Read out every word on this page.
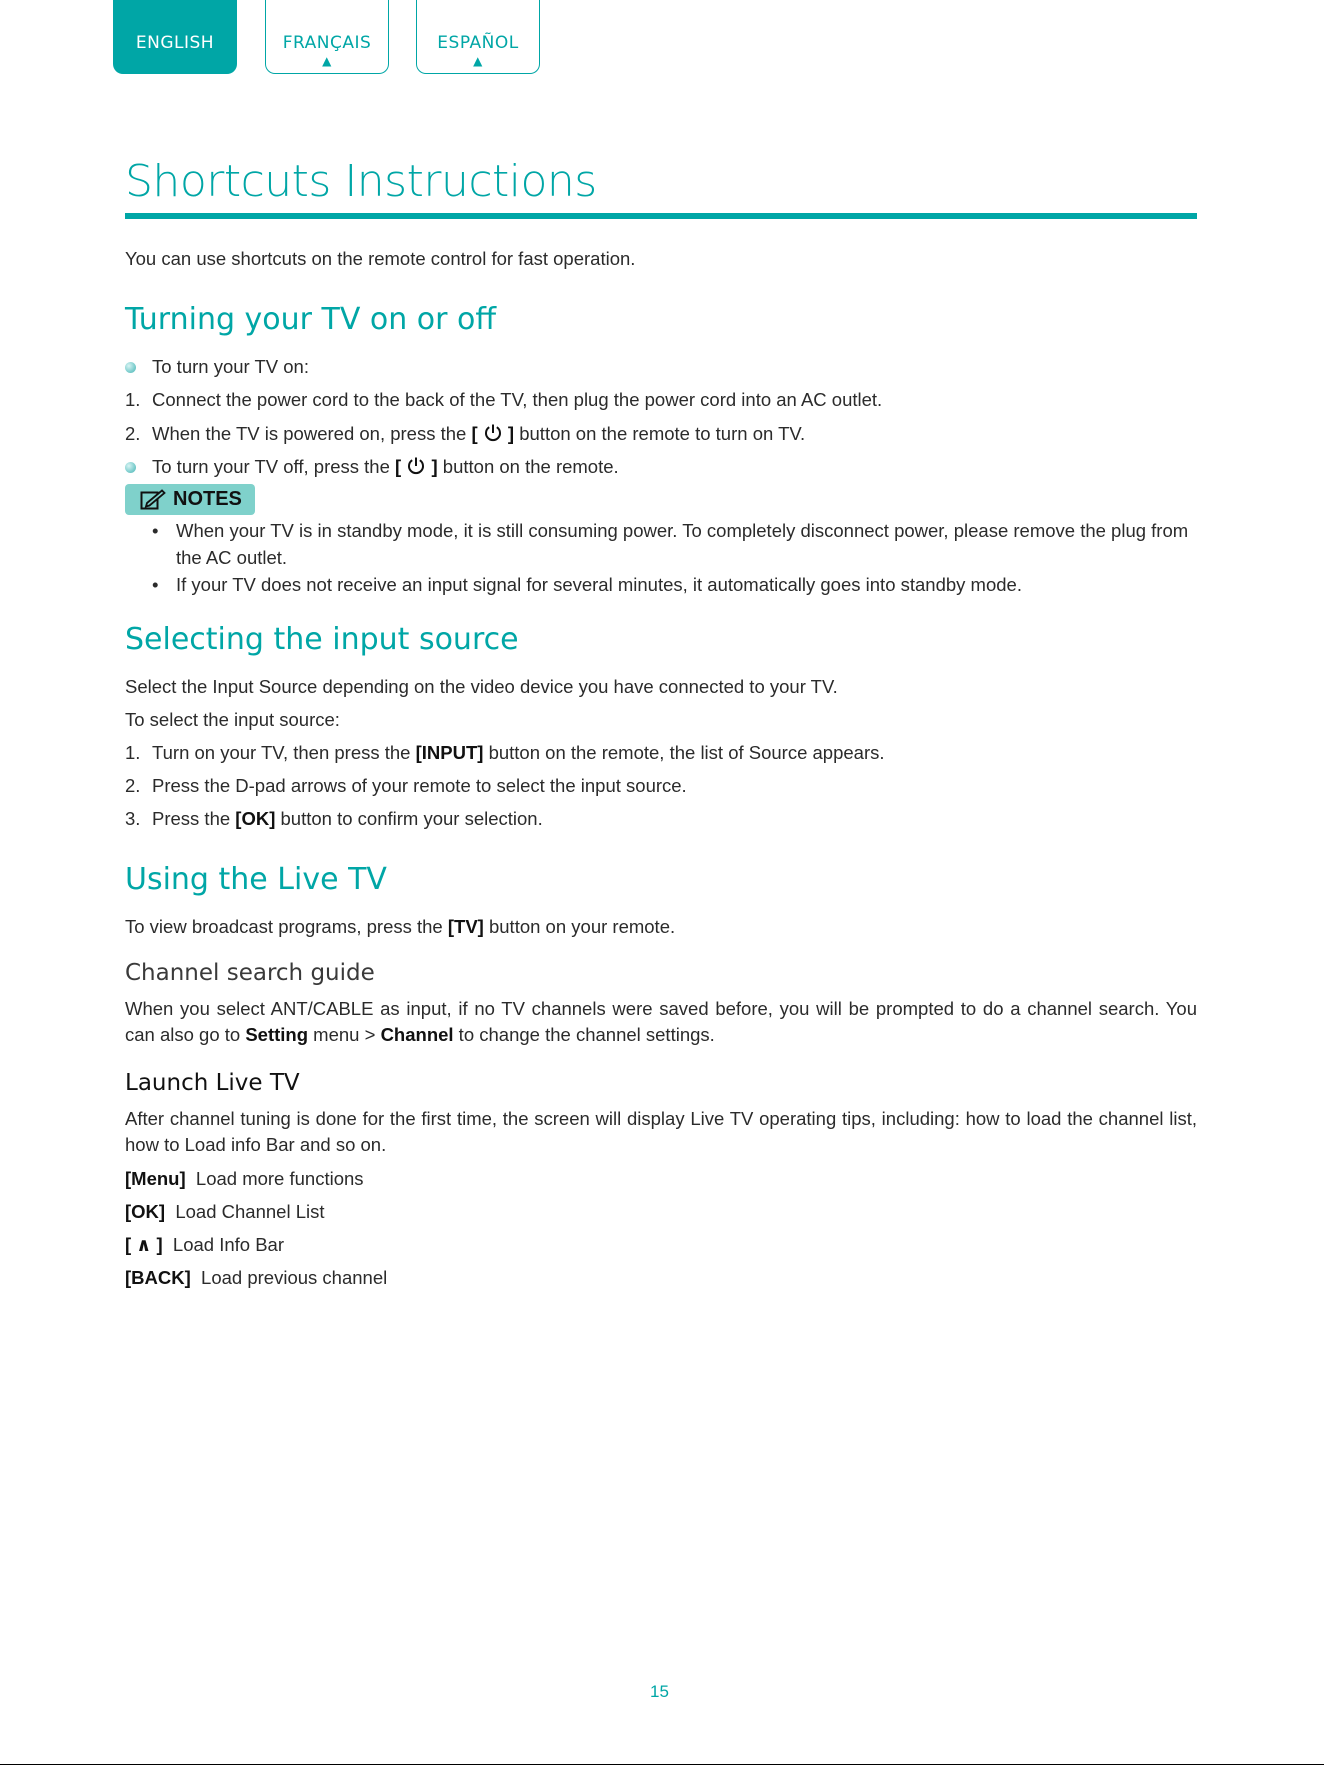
ENGLISH	FRANÇAIS
▲
ESPAÑOL
▲
Shortcuts Instructions

You can use shortcuts on the remote control for fast operation.

Turning your TV on or off

To turn your TV on:

1. Connect the power cord to the back of the TV, then plug the power cord into an AC outlet.

2. When the TV is powered on, press the [  ] button on the remote to turn on TV.

To turn your TV off, press the [  ] button on the remote.

NOTES

• When your TV is in standby mode, it is still consuming power. To completely disconnect power, please remove the plug from the AC outlet.

• If your TV does not receive an input signal for several minutes, it automatically goes into standby mode.

Selecting the input source

Select the Input Source depending on the video device you have connected to your TV.

To select the input source:

1. Turn on your TV, then press the [INPUT] button on the remote, the list of Source appears.

2. Press the D-pad arrows of your remote to select the input source.

3. Press the [OK] button to confirm your selection.

Using the Live TV

To view broadcast programs, press the [TV] button on your remote.

Channel search guide

When you select ANT/CABLE as input, if no TV channels were saved before, you will be prompted to do a channel search. You can also go to Setting menu > Channel to change the channel settings.

Launch Live TV

After channel tuning is done for the first time, the screen will display Live TV operating tips, including: how to load the channel list, how to Load info Bar and so on.

[Menu] Load more functions

[OK] Load Channel List

[ ∧ ] Load Info Bar

[BACK] Load previous channel

15
